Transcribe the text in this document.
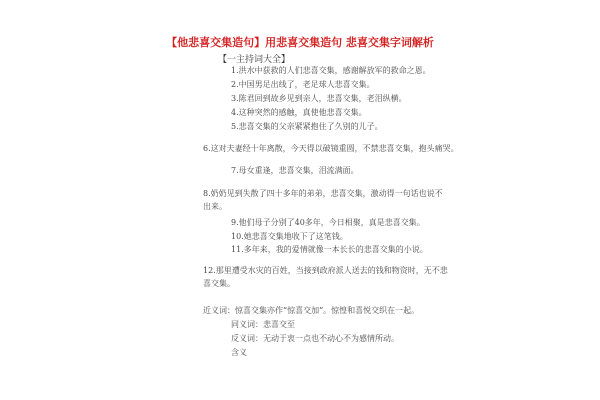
【他悲喜交集造句】用悲喜交集造句 悲喜交集字词解析
【一主持词大全】
1.洪水中获救的人们悲喜交集，感谢解放军的救命之恩。
2.中国男足出线了，老足球人悲喜交集。
3.陈君回到故乡见到亲人，悲喜交集，老泪纵横。
4.这种突然的感触，真使他悲喜交集。
5.悲喜交集的父亲紧紧抱住了久别的儿子。
6.这对夫妻经十年离散，今天得以破镜重圆，不禁悲喜交集，抱头痛哭。
7.母女重逢，悲喜交集，泪流满面。
8.奶奶见到失散了四十多年的弟弟，悲喜交集，激动得一句话也说不
出来。
9.他们母子分别了40多年，今日相聚，真是悲喜交集。
10.她悲喜交集地收下了这笔钱。
11.多年来，我的爱情就像一本长长的悲喜交集的小说。
12.那里遭受水灾的百姓，当接到政府派人送去的钱和物资时，无不悲
喜交集。
近义词：惊喜交集亦作“惊喜交加”。惊惶和喜悦交织在一起。
同义词：悲喜交至
反义词：无动于衷一点也不动心不为感情所动。
含义
